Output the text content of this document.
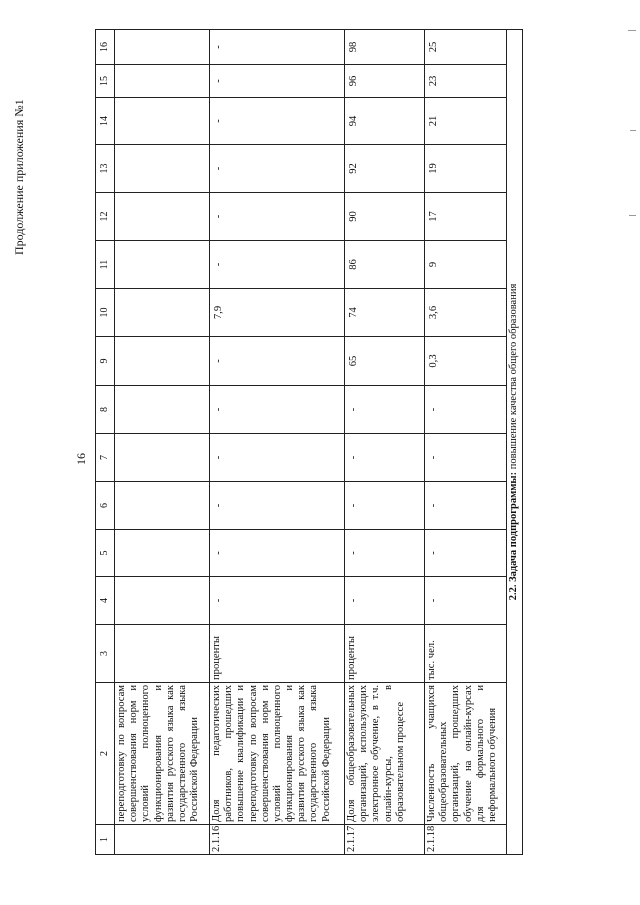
Продолжение приложения №1
16
1	2	3	4	5	6	7	8	9	10	11	12	13	14	15	16
	переподготовку по вопросам совершенствования норм и условий полноценного функционирования и развития русского языка как государственного языка Российской Федерации														
2.1.16	Доля педагогических работников, прошедших повышение квалификации и переподготовку по вопросам совершенствования норм и условий полноценного функционирования и развития русского языка как государственного языка Российской Федерации	проценты	-	-	-	-	-	-	7,9	-	-	-	-	-	-
2.1.17	Доля общеобразовательных организаций, использующих электронное обучение, в т.ч. онлайн-курсы, в образовательном процессе	проценты	-	-	-	-	-	65	74	86	90	92	94	96	98
2.1.18	Численность учащихся общеобразовательных организаций, прошедших обучение на онлайн-курсах для формального и неформального обучения	тыс. чел.	-	-	-	-	-	0,3	3,6	9	17	19	21	23	25
2.2. Задача подпрограммы: повышение качества общего образования															
